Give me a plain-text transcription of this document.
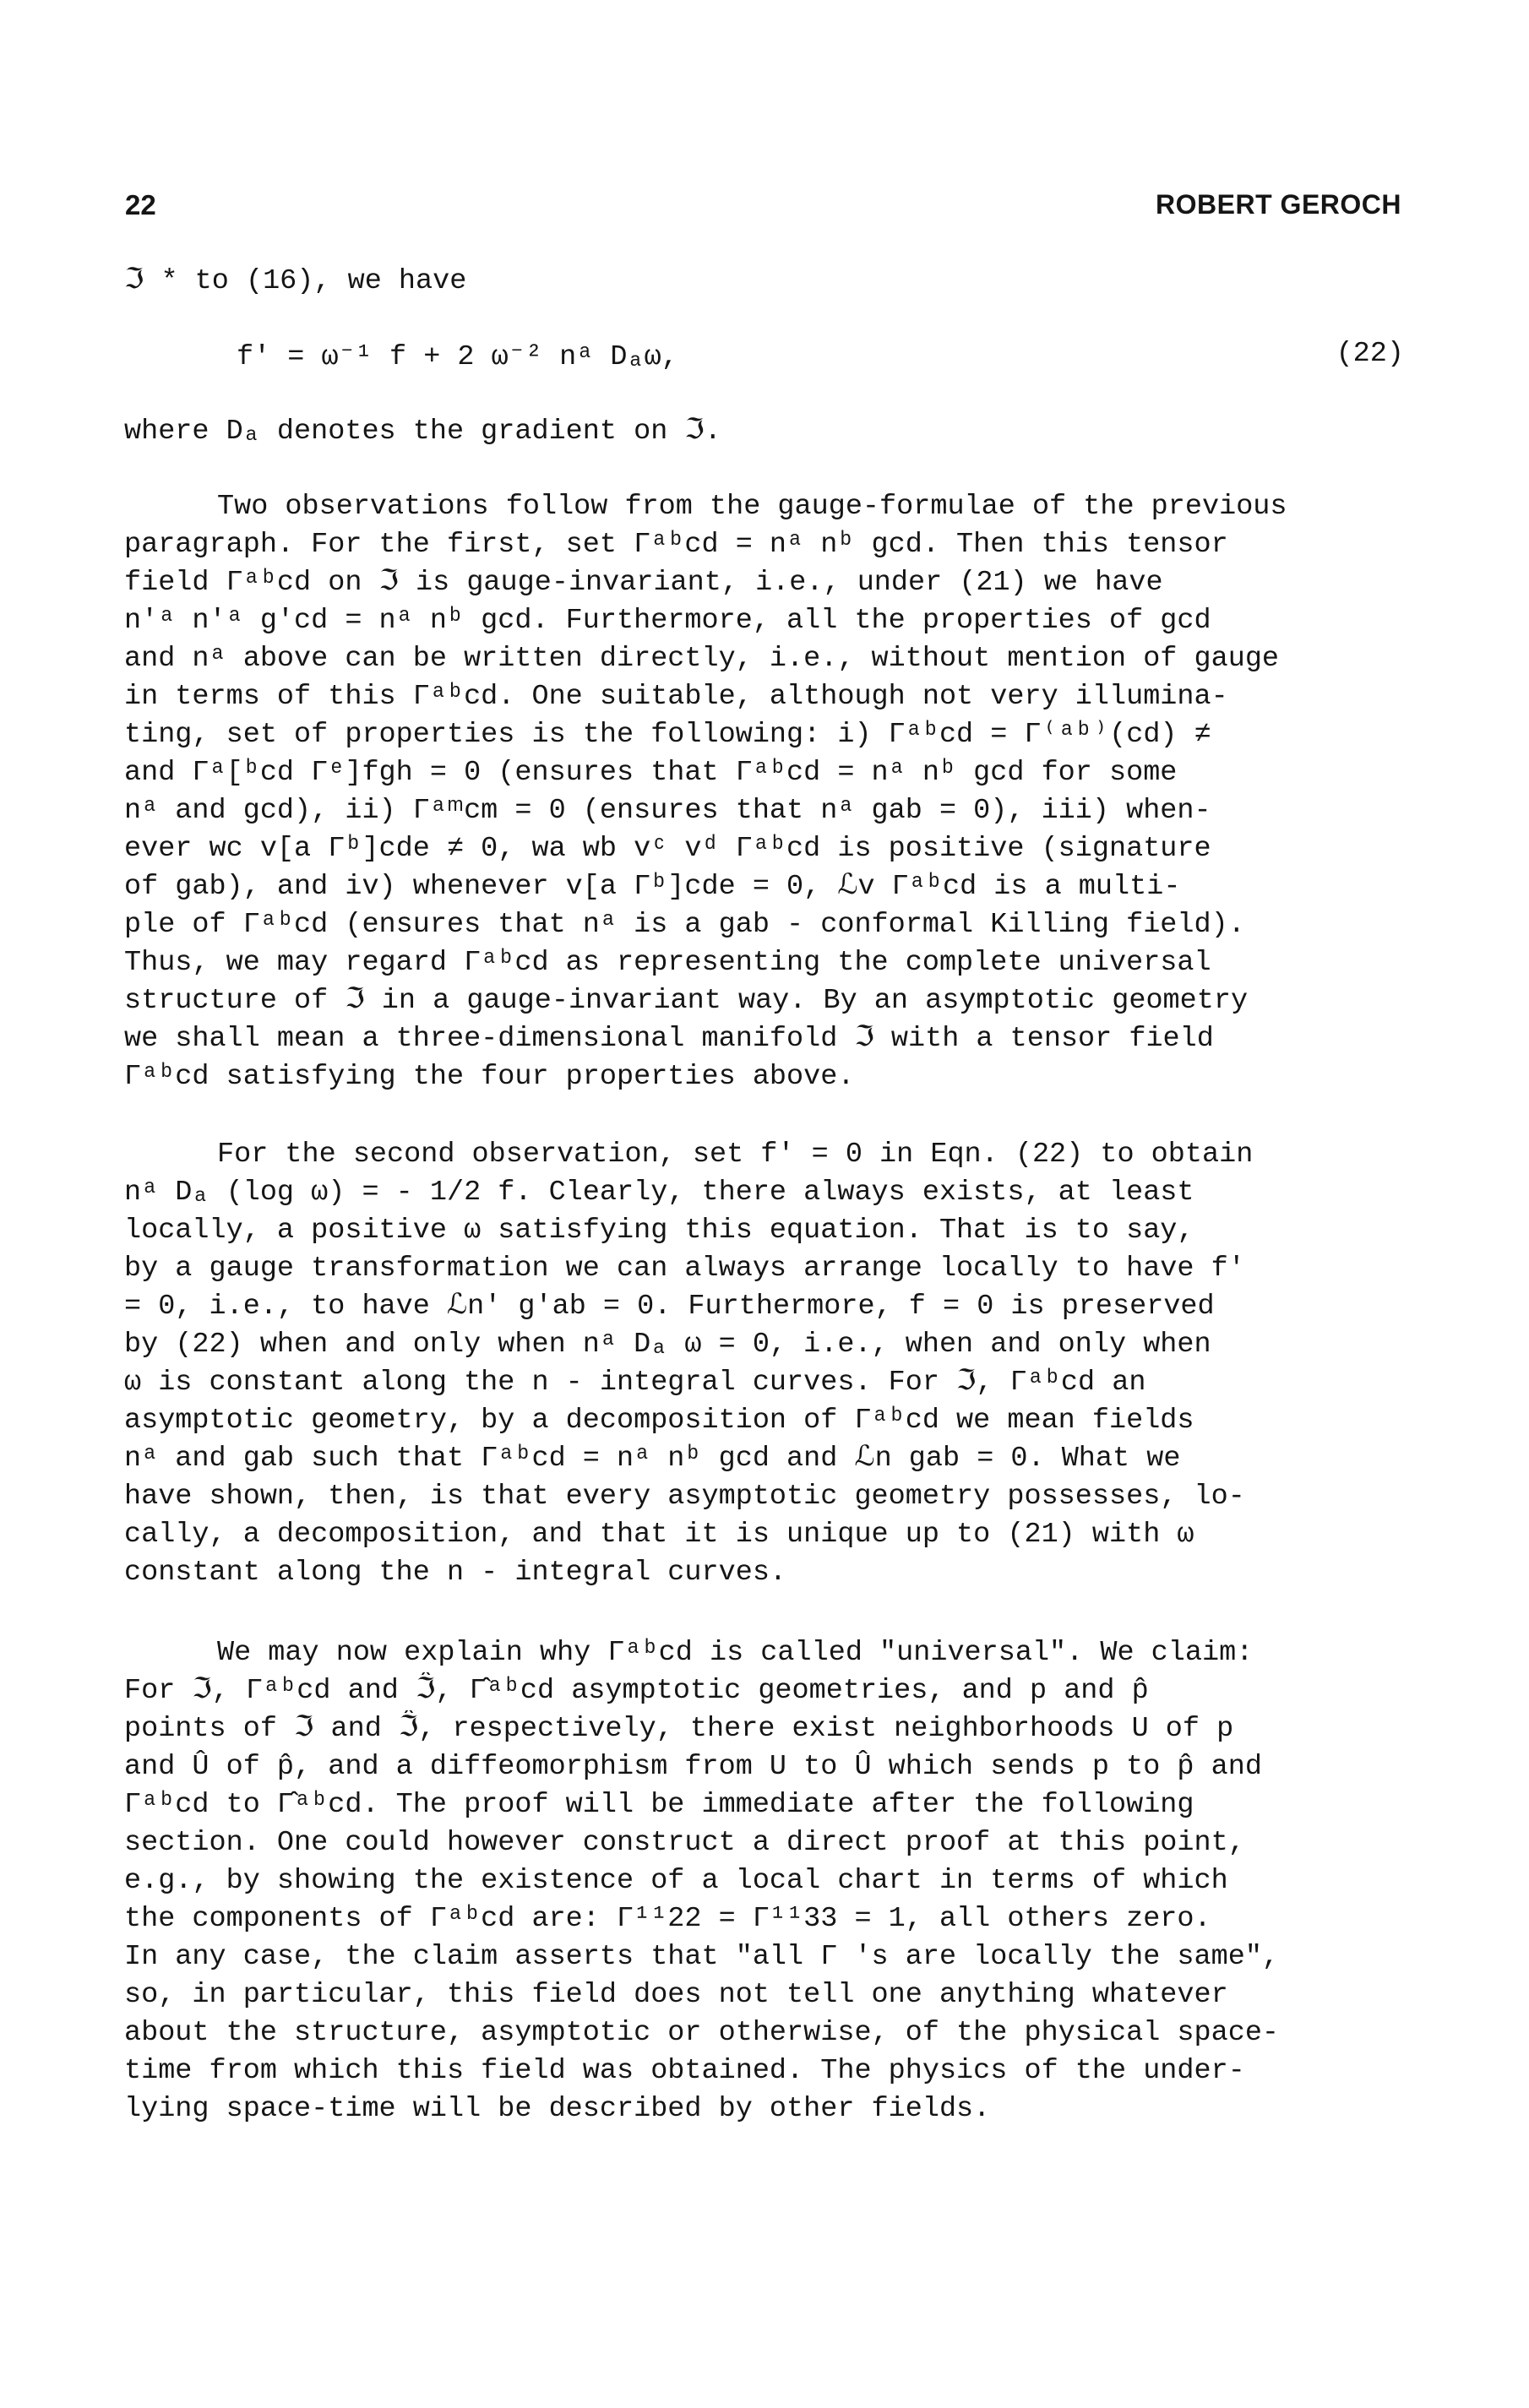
22	ROBERT GEROCH
ℑ * to (16), we have
f' = ω⁻¹ f + 2 ω⁻² nᵃ Dₐω,	(22)
where Dₐ denotes the gradient on ℑ.
Two observations follow from the gauge-formulae of the previous
paragraph. For the first, set Γᵃᵇcd = nᵃ nᵇ gcd. Then this tensor
field Γᵃᵇcd on ℑ is gauge-invariant, i.e., under (21) we have
n'ᵃ n'ᵃ g'cd = nᵃ nᵇ gcd. Furthermore, all the properties of gcd
and nᵃ above can be written directly, i.e., without mention of gauge
in terms of this Γᵃᵇcd. One suitable, although not very illumina-
ting, set of properties is the following: i) Γᵃᵇcd = Γ⁽ᵃᵇ⁾(cd) ≠
and Γᵃ[ᵇcd Γᵉ]fgh = 0 (ensures that Γᵃᵇcd = nᵃ nᵇ gcd for some
nᵃ and gcd), ii) Γᵃᵐcm = 0 (ensures that nᵃ gab = 0), iii) when-
ever wc v[a Γᵇ]cde ≠ 0, wa wb vᶜ vᵈ Γᵃᵇcd is positive (signature
of gab), and iv) whenever v[a Γᵇ]cde = 0, ℒv Γᵃᵇcd is a multi-
ple of Γᵃᵇcd (ensures that nᵃ is a gab - conformal Killing field).
Thus, we may regard Γᵃᵇcd as representing the complete universal
structure of ℑ in a gauge-invariant way. By an asymptotic geometry
we shall mean a three-dimensional manifold ℑ with a tensor field
Γᵃᵇcd satisfying the four properties above.
For the second observation, set f' = 0 in Eqn. (22) to obtain
nᵃ Dₐ (log ω) = - 1/2 f. Clearly, there always exists, at least
locally, a positive ω satisfying this equation. That is to say,
by a gauge transformation we can always arrange locally to have f'
= 0, i.e., to have ℒn' g'ab = 0. Furthermore, f = 0 is preserved
by (22) when and only when nᵃ Dₐ ω = 0, i.e., when and only when
ω is constant along the n - integral curves. For ℑ, Γᵃᵇcd an
asymptotic geometry, by a decomposition of Γᵃᵇcd we mean fields
nᵃ and gab such that Γᵃᵇcd = nᵃ nᵇ gcd and ℒn gab = 0. What we
have shown, then, is that every asymptotic geometry possesses, lo-
cally, a decomposition, and that it is unique up to (21) with ω
constant along the n - integral curves.
We may now explain why Γᵃᵇcd is called "universal". We claim:
For ℑ, Γᵃᵇcd and ℑ̂, Γ̂ᵃᵇcd asymptotic geometries, and p and p̂
points of ℑ and ℑ̂, respectively, there exist neighborhoods U of p
and Û of p̂, and a diffeomorphism from U to Û which sends p to p̂ and
Γᵃᵇcd to Γ̂ᵃᵇcd. The proof will be immediate after the following
section. One could however construct a direct proof at this point,
e.g., by showing the existence of a local chart in terms of which
the components of Γᵃᵇcd are: Γ¹¹22 = Γ¹¹33 = 1, all others zero.
In any case, the claim asserts that "all Γ 's are locally the same",
so, in particular, this field does not tell one anything whatever
about the structure, asymptotic or otherwise, of the physical space-
time from which this field was obtained. The physics of the under-
lying space-time will be described by other fields.
